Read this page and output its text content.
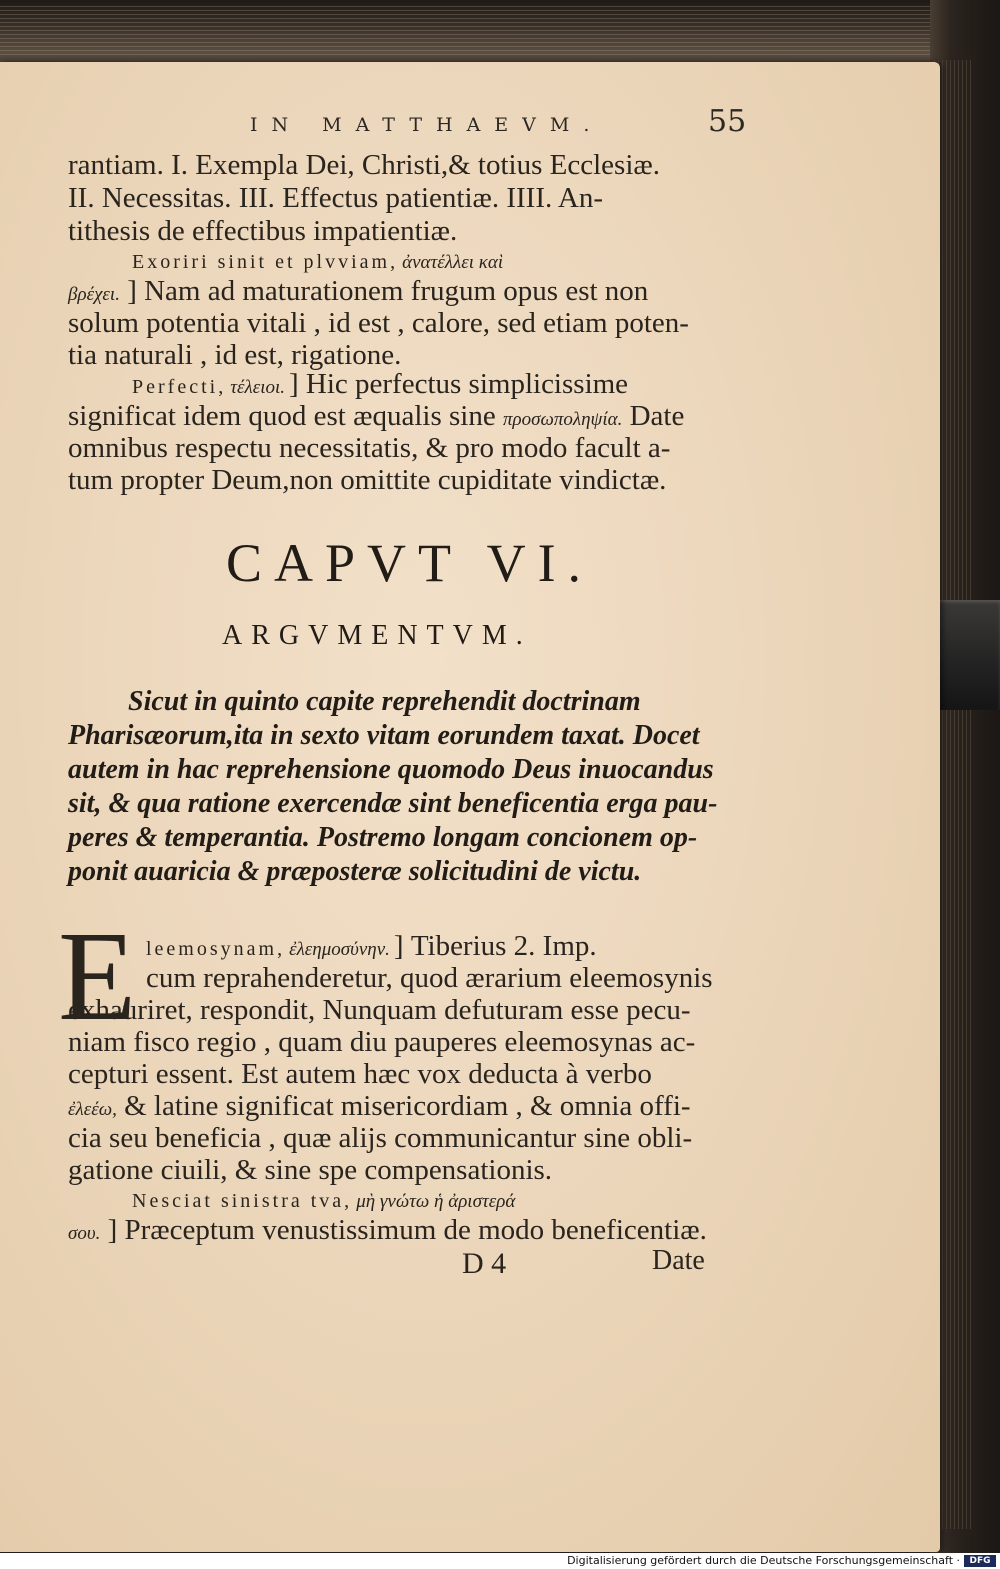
IN MATTHAEVM.	55
rantiam. I. Exempla Dei, Christi,& totius Ecclesiæ.
II. Necessitas. III. Effectus patientiæ. IIII. An-
tithesis de effectibus impatientiæ.
Exoriri sinit et plvviam, ἀνατέλλει καὶ
βρέχει. ] Nam ad maturationem frugum opus est non
solum potentia vitali , id est , calore, sed etiam poten-
tia naturali , id est, rigatione.
Perfecti, τέλειοι. ] Hic perfectus simplicissime
significat idem quod est æqualis sine προσωποληψία. Date
omnibus respectu necessitatis, & pro modo facult a-
tum propter Deum,non omittite cupiditate vindictæ.
CAPVT VI.
ARGVMENTVM.
Sicut in quinto capite reprehendit doctrinam
Pharisæorum,ita in sexto vitam eorundem taxat. Docet
autem in hac reprehensione quomodo Deus inuocandus
sit, & qua ratione exercendæ sint beneficentia erga pau-
peres & temperantia. Postremo longam concionem op-
ponit auaricia & præposteræ solicitudini de victu.
E leemosynam, ἐλεημοσύνην. ] Tiberius 2. Imp.
cum reprahenderetur, quod ærarium eleemosynis
exhauriret, respondit, Nunquam defuturam esse pecu-
niam fisco regio , quam diu pauperes eleemosynas ac-
cepturi essent. Est autem hæc vox deducta à verbo
ἐλεέω, & latine significat misericordiam , & omnia offi-
cia seu beneficia , quæ alijs communicantur sine obli-
gatione ciuili, & sine spe compensationis.
Nesciat sinistra tva, μὴ γνώτω ἡ ἀριστερά
σου. ] Præceptum venustissimum de modo beneficentiæ.
D 4	Date
Digitalisierung gefördert durch die Deutsche Forschungsgemeinschaft ·	DFG
